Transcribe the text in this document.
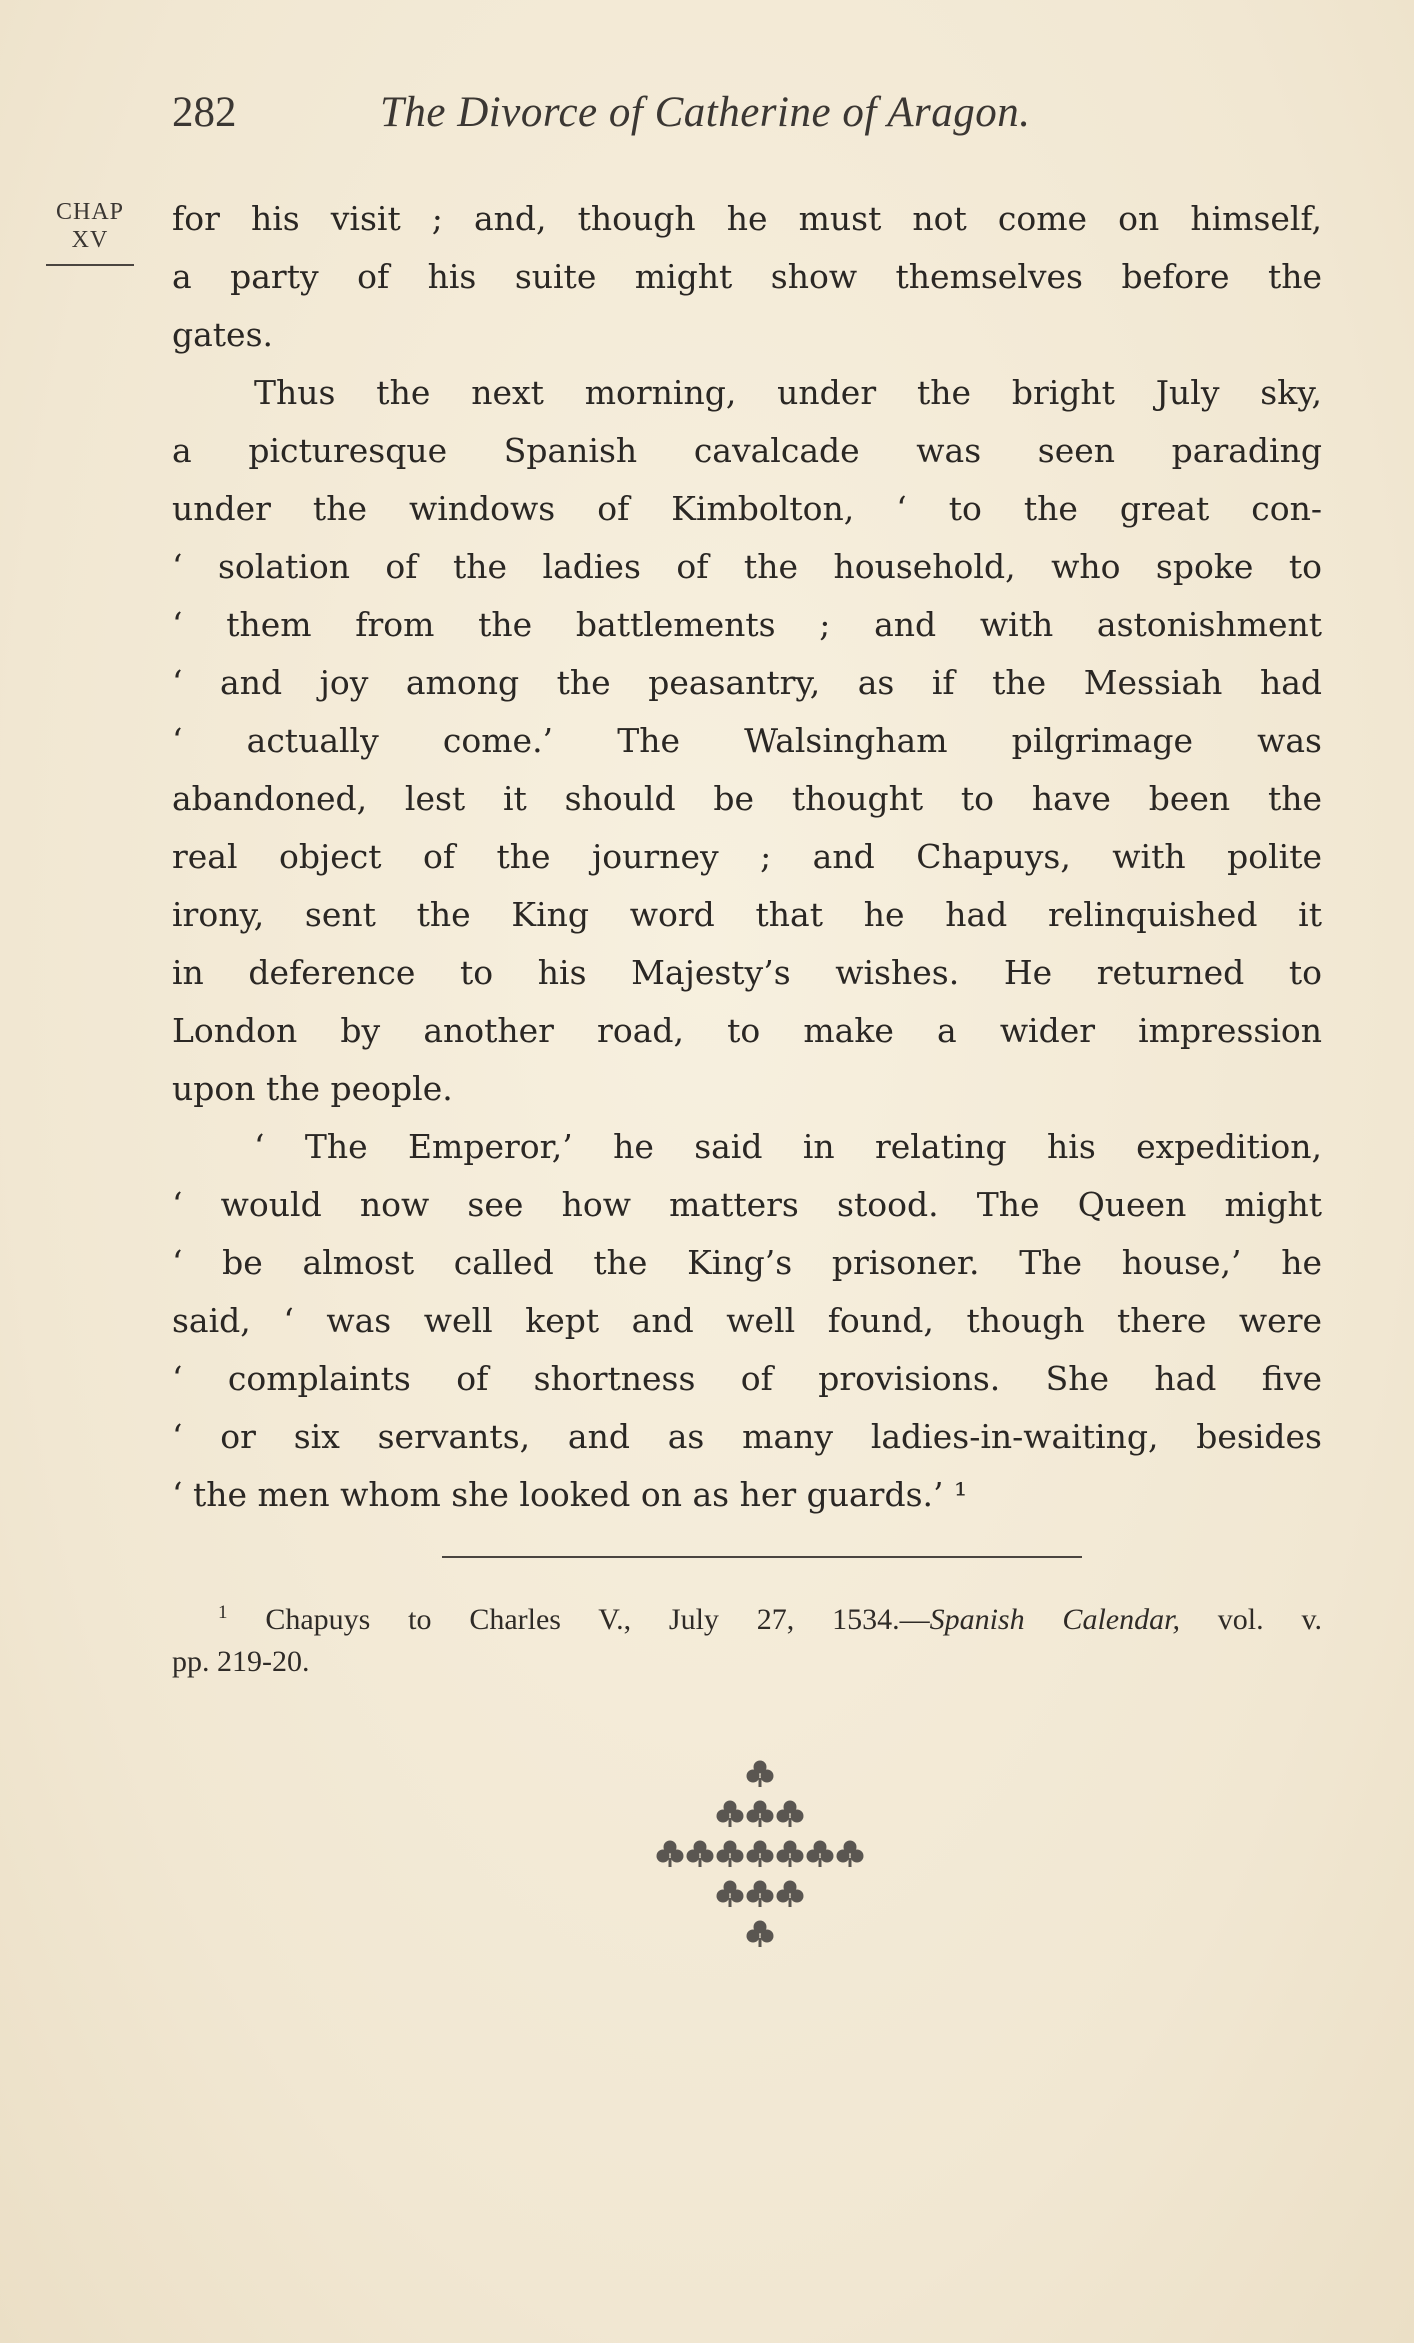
282	The Divorce of Catherine of Aragon.
CHAP
XV
for his visit ; and, though he must not come on himself,
a party of his suite might show themselves before the
gates.
Thus the next morning, under the bright July sky,
a picturesque Spanish cavalcade was seen parading
under the windows of Kimbolton, ‘ to the great con-
‘ solation of the ladies of the household, who spoke to
‘ them from the battlements ; and with astonishment
‘ and joy among the peasantry, as if the Messiah had
‘ actually come.’ The Walsingham pilgrimage was
abandoned, lest it should be thought to have been the
real object of the journey ; and Chapuys, with polite
irony, sent the King word that he had relinquished it
in deference to his Majesty’s wishes. He returned to
London by another road, to make a wider impression
upon the people.
‘ The Emperor,’ he said in relating his expedition,
‘ would now see how matters stood. The Queen might
‘ be almost called the King’s prisoner. The house,’ he
said, ‘ was well kept and well found, though there were
‘ complaints of shortness of provisions. She had five
‘ or six servants, and as many ladies-in-waiting, besides
‘ the men whom she looked on as her guards.’ ¹
$^1$ Chapuys to Charles V., July 27, 1534.—Spanish Calendar, vol. v.
pp. 219-20.
